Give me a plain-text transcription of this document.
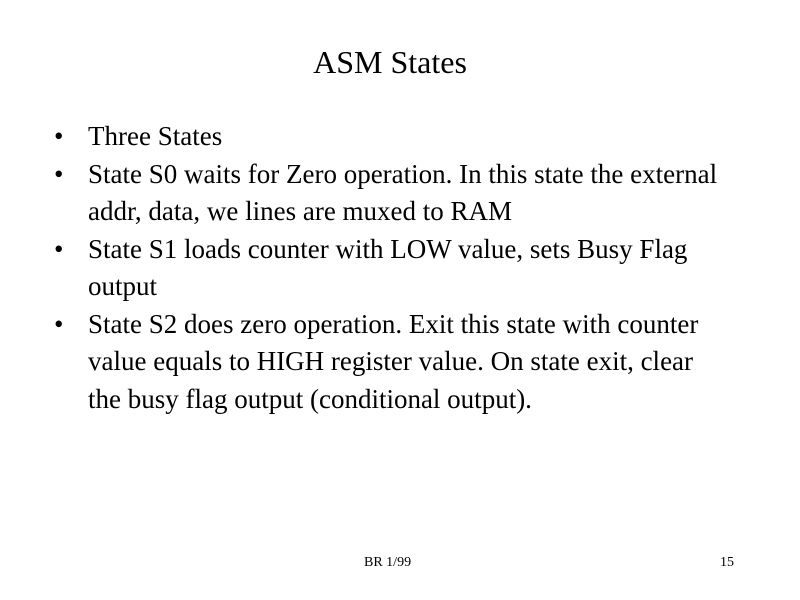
ASM States
• Three States
• State S0 waits for Zero operation. In this state the external addr, data, we lines are muxed to RAM
• State S1 loads counter with LOW value, sets Busy Flag output
• State S2 does zero operation. Exit this state with counter value equals to HIGH register value. On state exit, clear the busy flag output (conditional output).
BR 1/99	15
